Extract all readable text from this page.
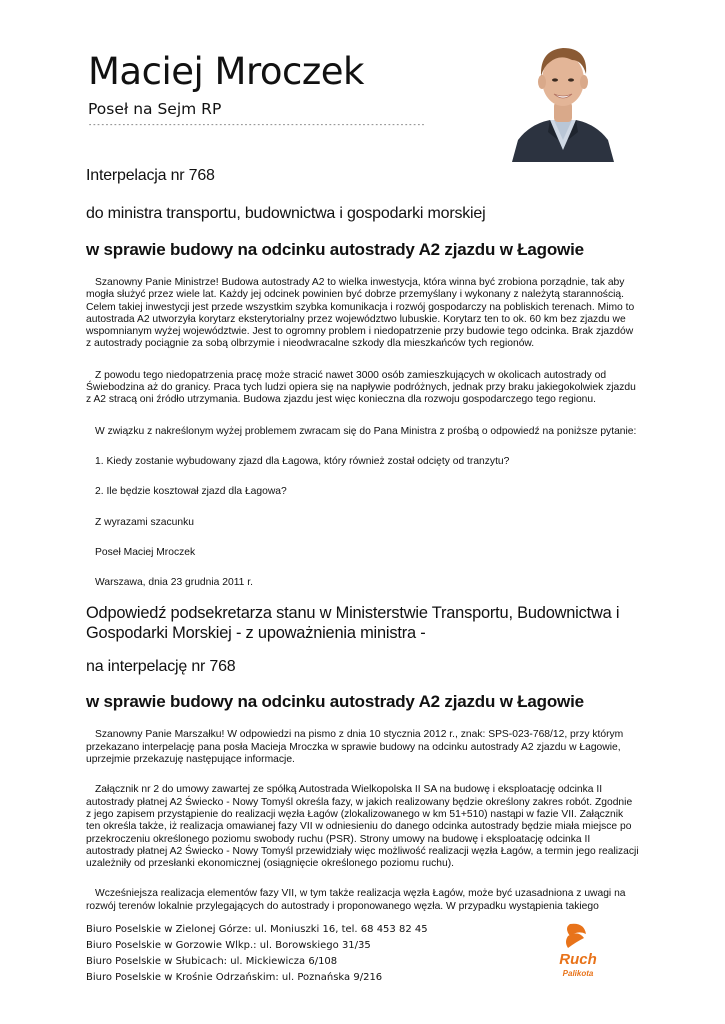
Maciej Mroczek
Poseł na Sejm RP
--------------------------------------------------------------------------------
Interpelacja nr 768
do ministra transportu, budownictwa i gospodarki morskiej
w sprawie budowy na odcinku autostrady A2 zjazdu w Łagowie

Szanowny Panie Ministrze! Budowa autostrady A2 to wielka inwestycja, która winna być zrobiona porządnie, tak aby mogła służyć przez wiele lat. Każdy jej odcinek powinien być dobrze przemyślany i wykonany z należytą starannością. Celem takiej inwestycji jest przede wszystkim szybka komunikacja i rozwój gospodarczy na pobliskich terenach. Mimo to autostrada A2 utworzyła korytarz eksterytorialny przez województwo lubuskie. Korytarz ten to ok. 60 km bez zjazdu we wspomnianym wyżej województwie. Jest to ogromny problem i niedopatrzenie przy budowie tego odcinka. Brak zjazdów z autostrady pociągnie za sobą olbrzymie i nieodwracalne szkody dla mieszkańców tych regionów.

Z powodu tego niedopatrzenia pracę może stracić nawet 3000 osób zamieszkujących w okolicach autostrady od Świebodzina aż do granicy. Praca tych ludzi opiera się na napływie podróżnych, jednak przy braku jakiegokolwiek zjazdu z A2 stracą oni źródło utrzymania. Budowa zjazdu jest więc konieczna dla rozwoju gospodarczego tego regionu.

W związku z nakreślonym wyżej problemem zwracam się do Pana Ministra z prośbą o odpowiedź na poniższe pytanie:

1. Kiedy zostanie wybudowany zjazd dla Łagowa, który również został odcięty od tranzytu?

2. Ile będzie kosztował zjazd dla Łagowa?

Z wyrazami szacunku

Poseł Maciej Mroczek

Warszawa, dnia 23 grudnia 2011 r.

Odpowiedź podsekretarza stanu w Ministerstwie Transportu, Budownictwa i Gospodarki Morskiej - z upoważnienia ministra -
na interpelację nr 768
w sprawie budowy na odcinku autostrady A2 zjazdu w Łagowie

Szanowny Panie Marszałku! W odpowiedzi na pismo z dnia 10 stycznia 2012 r., znak: SPS-023-768/12, przy którym przekazano interpelację pana posła Macieja Mroczka w sprawie budowy na odcinku autostrady A2 zjazdu w Łagowie, uprzejmie przekazuję następujące informacje.

Załącznik nr 2 do umowy zawartej ze spółką Autostrada Wielkopolska II SA na budowę i eksploatację odcinka II autostrady płatnej A2 Świecko - Nowy Tomyśl określa fazy, w jakich realizowany będzie określony zakres robót. Zgodnie z jego zapisem przystąpienie do realizacji węzła Łagów (zlokalizowanego w km 51+510) nastąpi w fazie VII. Załącznik ten określa także, iż realizacja omawianej fazy VII w odniesieniu do danego odcinka autostrady będzie miała miejsce po przekroczeniu określonego poziomu swobody ruchu (PSR). Strony umowy na budowę i eksploatację odcinka II autostrady płatnej A2 Świecko - Nowy Tomyśl przewidziały więc możliwość realizacji węzła Łagów, a termin jego realizacji uzależniły od przesłanki ekonomicznej (osiągnięcie określonego poziomu ruchu).

Wcześniejsza realizacja elementów fazy VII, w tym także realizacja węzła Łagów, może być uzasadniona z uwagi na rozwój terenów lokalnie przylegających do autostrady i proponowanego węzła. W przypadku wystąpienia takiego

Biuro Poselskie w Zielonej Górze: ul. Moniuszki 16, tel. 68 453 82 45
Biuro Poselskie w Gorzowie Wlkp.: ul. Borowskiego 31/35
Biuro Poselskie w Słubicach: ul. Mickiewicza 6/108
Biuro Poselskie w Krośnie Odrzańskim: ul. Poznańska 9/216
Ruch
Palikota
